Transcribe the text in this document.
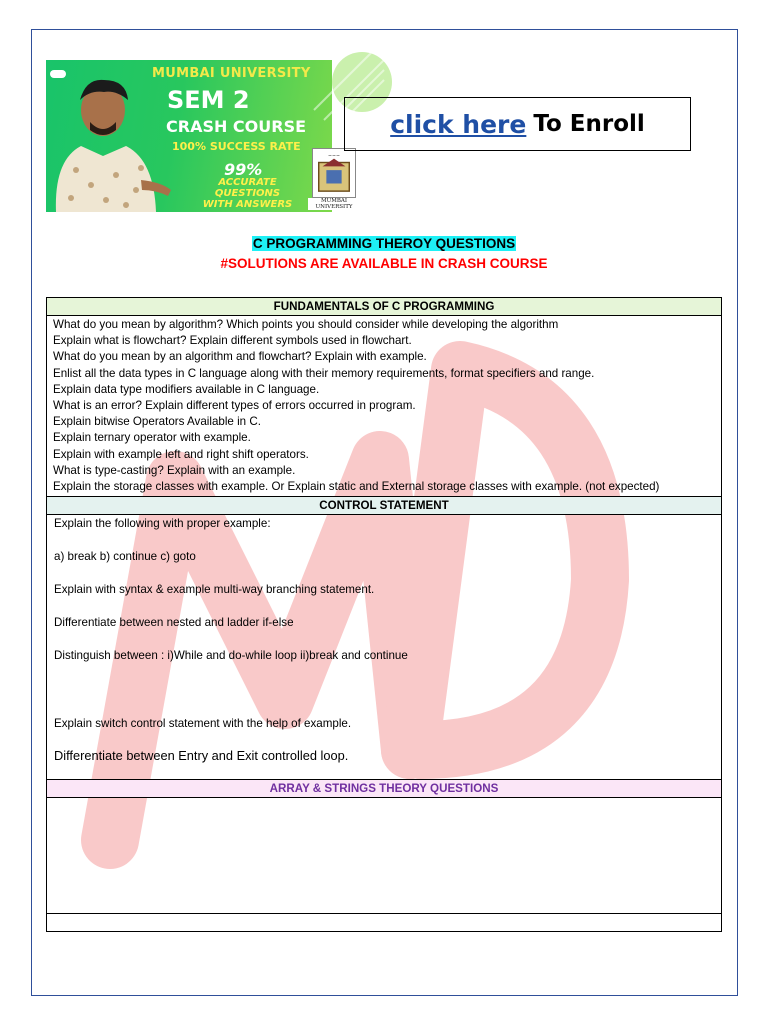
MUMBAI UNIVERSITY
SEM 2
CRASH COURSE
100% SUCCESS RATE
99%
ACCURATE QUESTIONS
WITH ANSWERS
~~~
MUMBAI UNIVERSITY
click here To Enroll
C PROGRAMMING THEROY QUESTIONS
#SOLUTIONS ARE AVAILABLE IN CRASH COURSE
FUNDAMENTALS OF C PROGRAMMING

What do you mean by algorithm? Which points you should consider while developing the algorithm
Explain what is flowchart? Explain different symbols used in flowchart.
What do you mean by an algorithm and flowchart? Explain with example.
Enlist all the data types in C language along with their memory requirements, format specifiers and range.
Explain data type modifiers available in C language.
What is an error? Explain different types of errors occurred in program.
Explain bitwise Operators Available in C.
Explain ternary operator with example.
Explain with example left and right shift operators.
What is type-casting? Explain with an example.
Explain the storage classes with example. Or Explain static and External storage classes with example. (not expected)

CONTROL STATEMENT

Explain the following with proper example:
a) break b) continue c) goto
Explain with syntax & example multi-way branching statement.
Differentiate between nested and ladder if-else
Distinguish between : i)While and do-while loop ii)break and continue
Explain switch control statement with the help of example.
Differentiate between Entry and Exit controlled loop.

ARRAY & STRINGS THEORY QUESTIONS
